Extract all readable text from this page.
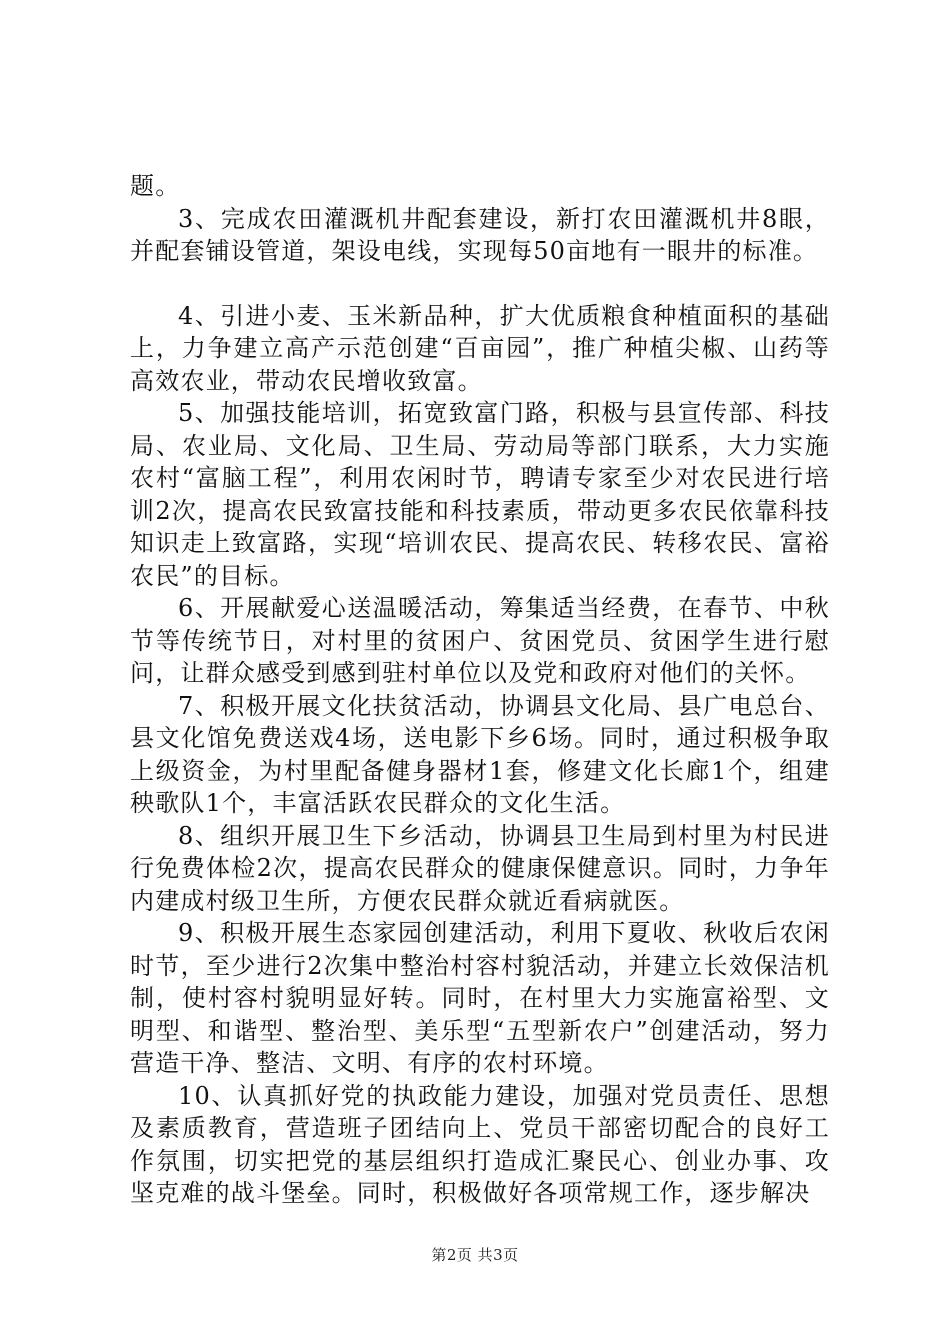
题。

3、完成农田灌溉机井配套建设，新打农田灌溉机井8眼，并配套铺设管道，架设电线，实现每50亩地有一眼井的标准。

4、引进小麦、玉米新品种，扩大优质粮食种植面积的基础上，力争建立高产示范创建“百亩园”，推广种植尖椒、山药等高效农业，带动农民增收致富。

5、加强技能培训，拓宽致富门路，积极与县宣传部、科技局、农业局、文化局、卫生局、劳动局等部门联系，大力实施农村“富脑工程”，利用农闲时节，聘请专家至少对农民进行培训2次，提高农民致富技能和科技素质，带动更多农民依靠科技知识走上致富路，实现“培训农民、提高农民、转移农民、富裕农民”的目标。

6、开展献爱心送温暖活动，筹集适当经费，在春节、中秋节等传统节日，对村里的贫困户、贫困党员、贫困学生进行慰问，让群众感受到感到驻村单位以及党和政府对他们的关怀。

7、积极开展文化扶贫活动，协调县文化局、县广电总台、县文化馆免费送戏4场，送电影下乡6场。同时，通过积极争取上级资金，为村里配备健身器材1套，修建文化长廊1个，组建秧歌队1个，丰富活跃农民群众的文化生活。

8、组织开展卫生下乡活动，协调县卫生局到村里为村民进行免费体检2次，提高农民群众的健康保健意识。同时，力争年内建成村级卫生所，方便农民群众就近看病就医。

9、积极开展生态家园创建活动，利用下夏收、秋收后农闲时节，至少进行2次集中整治村容村貌活动，并建立长效保洁机制，使村容村貌明显好转。同时，在村里大力实施富裕型、文明型、和谐型、整治型、美乐型“五型新农户”创建活动，努力营造干净、整洁、文明、有序的农村环境。

10、认真抓好党的执政能力建设，加强对党员责任、思想及素质教育，营造班子团结向上、党员干部密切配合的良好工作氛围，切实把党的基层组织打造成汇聚民心、创业办事、攻坚克难的战斗堡垒。同时，积极做好各项常规工作，逐步解决

第2页 共3页
